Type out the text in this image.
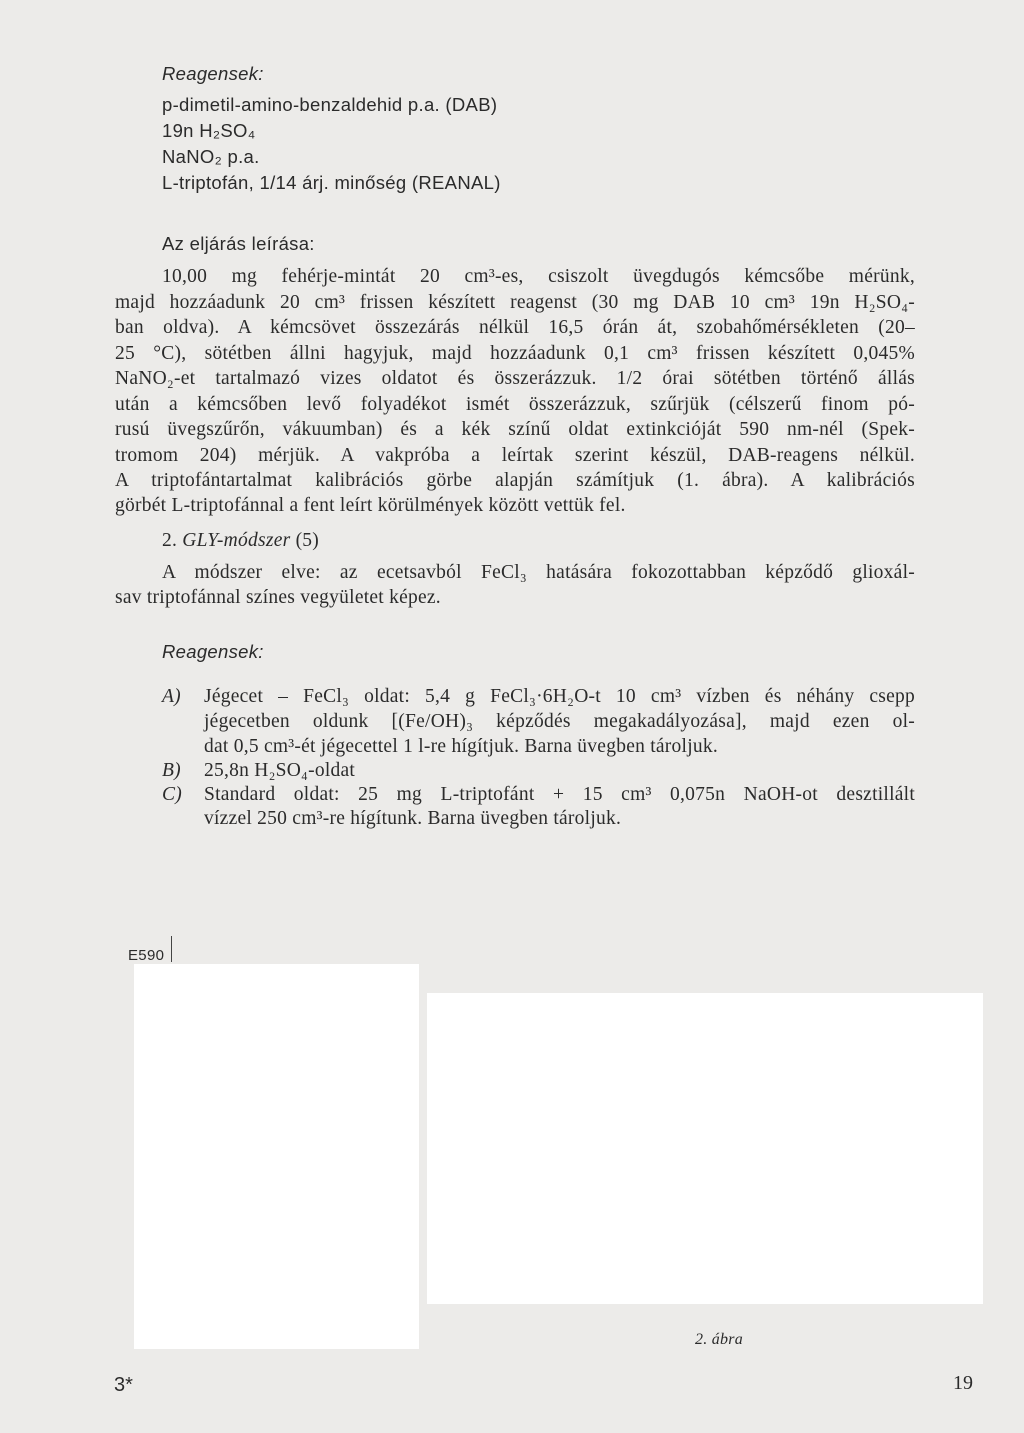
Reagensek:
p-dimetil-amino-benzaldehid p.a. (DAB)
19n H₂SO₄
NaNO₂ p.a.
L-triptofán, 1/14 árj. minőség (REANAL)
Az eljárás leírása:
10,00 mg fehérje-mintát 20 cm³-es, csiszolt üvegdugós kémcsőbe mérünk,
majd hozzáadunk 20 cm³ frissen készített reagenst (30 mg DAB 10 cm³ 19n H₂SO₄-
ban oldva). A kémcsövet összezárás nélkül 16,5 órán át, szobahőmérsékleten (20–
25 °C), sötétben állni hagyjuk, majd hozzáadunk 0,1 cm³ frissen készített 0,045%
NaNO₂-et tartalmazó vizes oldatot és összerázzuk. 1/2 órai sötétben történő állás
után a kémcsőben levő folyadékot ismét összerázzuk, szűrjük (célszerű finom pó-
rusú üvegszűrőn, vákuumban) és a kék színű oldat extinkcióját 590 nm-nél (Spek-
tromom 204) mérjük. A vakpróba a leírtak szerint készül, DAB-reagens nélkül.
A triptofántartalmat kalibrációs görbe alapján számítjuk (1. ábra). A kalibrációs
görbét L-triptofánnal a fent leírt körülmények között vettük fel.
2. GLY-módszer (5)
A módszer elve: az ecetsavból FeCl₃ hatására fokozottabban képződő glioxál-
sav triptofánnal színes vegyületet képez.
Reagensek:
A)	Jégecet – FeCl₃ oldat: 5,4 g FeCl₃·6H₂O-t 10 cm³ vízben és néhány csepp
jégecetben oldunk [(Fe/OH)₃ képződés megakadályozása], majd ezen ol-
dat 0,5 cm³-ét jégecettel 1 l-re hígítjuk. Barna üvegben tároljuk.
B)	25,8n H₂SO₄-oldat
C)	Standard oldat: 25 mg L-triptofánt + 15 cm³ 0,075n NaOH-ot desztillált
vízzel 250 cm³-re hígítunk. Barna üvegben tároljuk.
E590
2. ábra
3*	19
